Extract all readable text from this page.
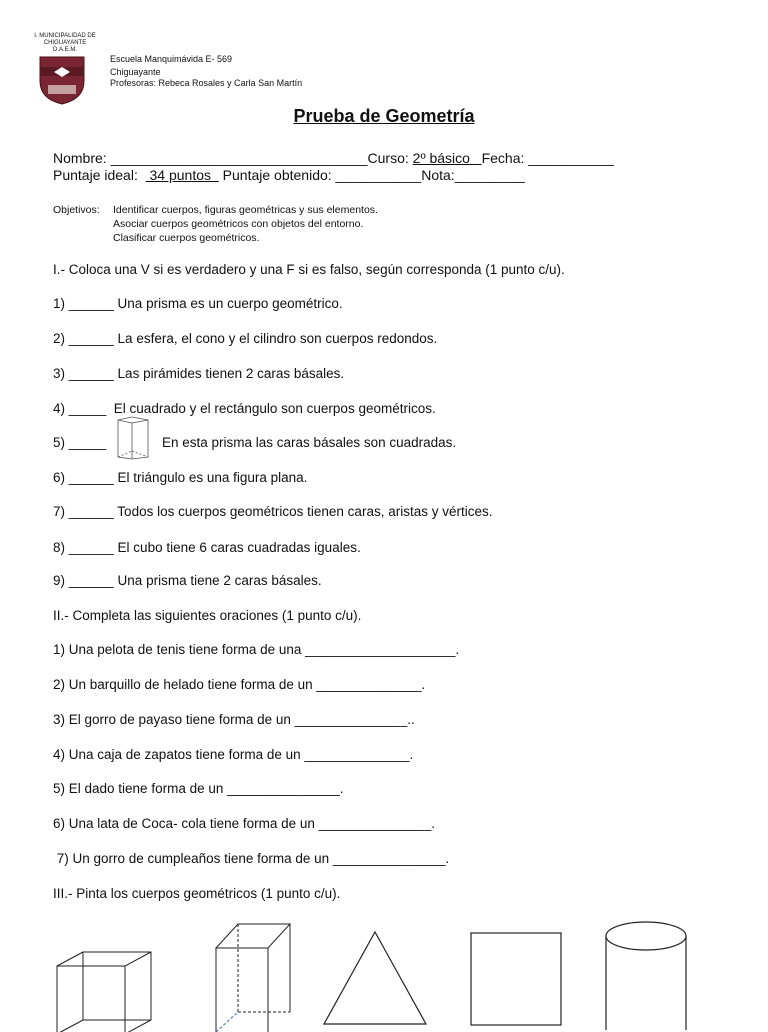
I. MUNICIPALIDAD DE
CHIGUAYANTE
D.A.E.M.
Escuela Manquimávida E- 569
Chiguayante
Profesoras: Rebeca Rosales y Carla San Martín
Prueba de Geometría
Nombre: _________________________________Curso: 2º básico   Fecha: ___________
Puntaje ideal:   34 puntos   Puntaje obtenido: ___________Nota:_________
Objetivos: Identificar cuerpos, figuras geométricas y sus elementos.
Asociar cuerpos geométricos con objetos del entorno.
Clasificar cuerpos geométricos.
I.- Coloca una V si es verdadero y una F si es falso, según corresponda (1 punto c/u).
1) ______ Una prisma es un cuerpo geométrico.
2) ______ La esfera, el cono y el cilindro son cuerpos redondos.
3) ______ Las pirámides tienen 2 caras básales.
4) _____  El cuadrado y el rectángulo son cuerpos geométricos.
5) _____	En esta prisma las caras básales son cuadradas.
6) ______ El triángulo es una figura plana.
7) ______ Todos los cuerpos geométricos tienen caras, aristas y vértices.
8) ______ El cubo tiene 6 caras cuadradas iguales.
9) ______ Una prisma tiene 2 caras básales.
II.- Completa las siguientes oraciones (1 punto c/u).
1) Una pelota de tenis tiene forma de una ____________________.
2) Un barquillo de helado tiene forma de un ______________.
3) El gorro de payaso tiene forma de un _______________..
4) Una caja de zapatos tiene forma de un ______________.
5) El dado tiene forma de un _______________.
6) Una lata de Coca- cola tiene forma de un _______________.
7) Un gorro de cumpleaños tiene forma de un _______________.
III.- Pinta los cuerpos geométricos (1 punto c/u).
